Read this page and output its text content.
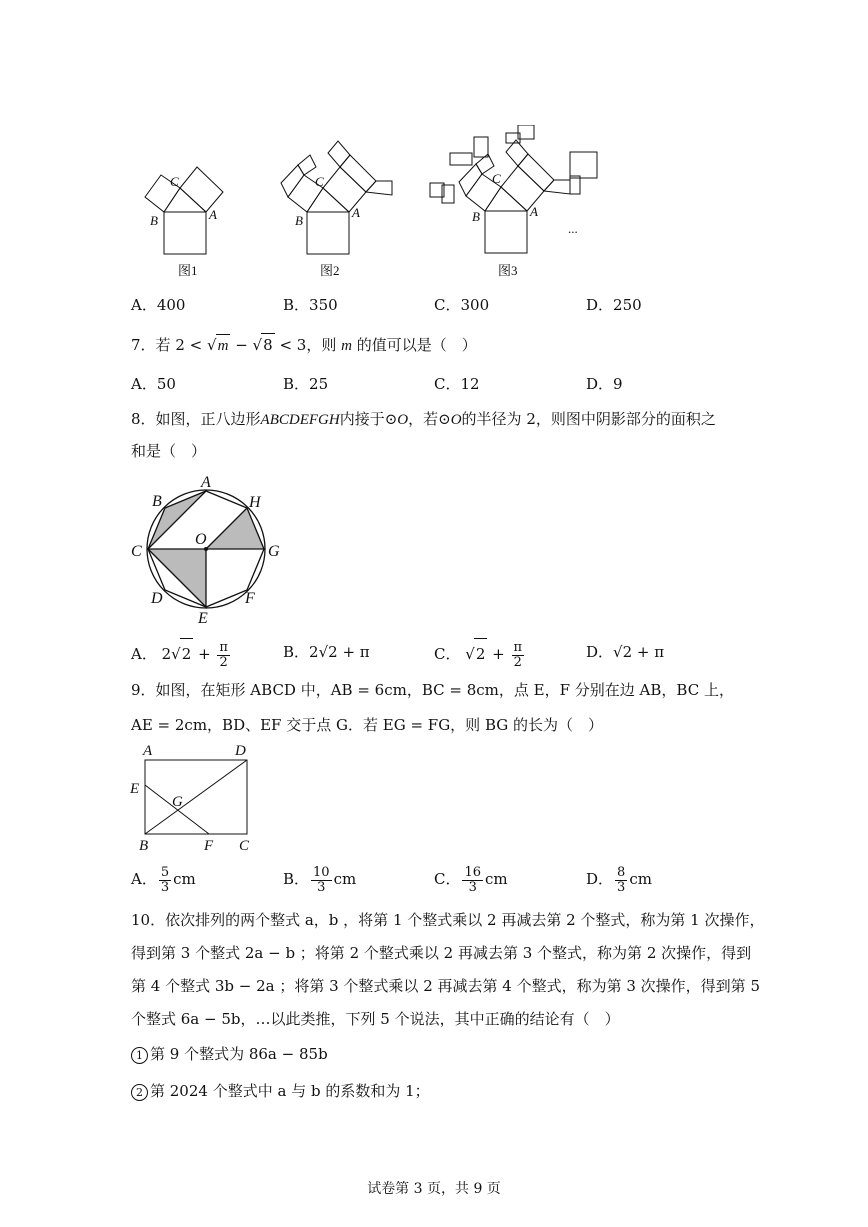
C
B	A
C
B
A
C
B	A
...
图1	图2	图3
A．400	B．350	C．300	D．250
7．若 2 < √m − √8 < 3，则 m 的值可以是（　）
A．50	B．25	C．12	D．9
8．如图，正八边形ABCDEFGH内接于⊙O，若⊙O的半径为 2，则图中阴影部分的面积之
和是（　）
A
B
C
D
E
F
G
H
O
A． $2√2 + \frac{\pi}{2}$	B．2√2 + π	C． $√2 + \frac{\pi}{2}$	D．√2 + π
9．如图，在矩形 ABCD 中，AB = 6cm，BC = 8cm，点 E，F 分别在边 AB，BC 上，
AE = 2cm，BD、EF 交于点 G．若 EG = FG，则 BG 的长为（　）
A	D
E
G
B	F C
A． $\frac{5}{3}$ cm	B． $\frac{10}{3}$ cm	C． $\frac{16}{3}$ cm	D． $\frac{8}{3}$ cm
10．依次排列的两个整式 a，b ，将第 1 个整式乘以 2 再减去第 2 个整式，称为第 1 次操作，
得到第 3 个整式 2a − b ；将第 2 个整式乘以 2 再减去第 3 个整式，称为第 2 次操作，得到
第 4 个整式 3b − 2a ；将第 3 个整式乘以 2 再减去第 4 个整式，称为第 3 次操作，得到第 5
个整式 6a − 5b，…以此类推，下列 5 个说法，其中正确的结论有（　）
1 第 9 个整式为 86a − 85b
2 第 2024 个整式中 a 与 b 的系数和为 1；
试卷第 3 页，共 9 页
